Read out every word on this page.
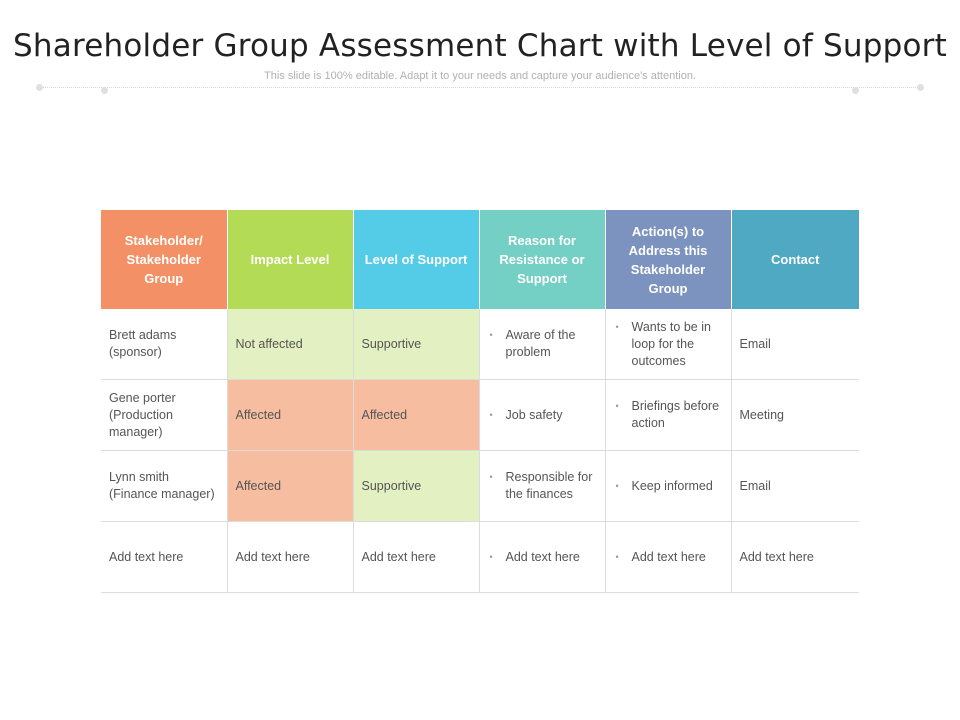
Shareholder Group Assessment Chart with Level of Support
This slide is 100% editable. Adapt it to your needs and capture your audience's attention.
Stakeholder/ Stakeholder Group	Impact Level	Level of Support	Reason for Resistance or Support	Action(s) to Address this Stakeholder Group	Contact
Brett adams (sponsor)	Not affected	Supportive	• Aware of the problem	• Wants to be in loop for the outcomes	Email
Gene porter (Production manager)	Affected	Affected	• Job safety	• Briefings before action	Meeting
Lynn smith (Finance manager)	Affected	Supportive	• Responsible for the finances	• Keep informed	Email
Add text here	Add text here	Add text here	• Add text here	• Add text here	Add text here
